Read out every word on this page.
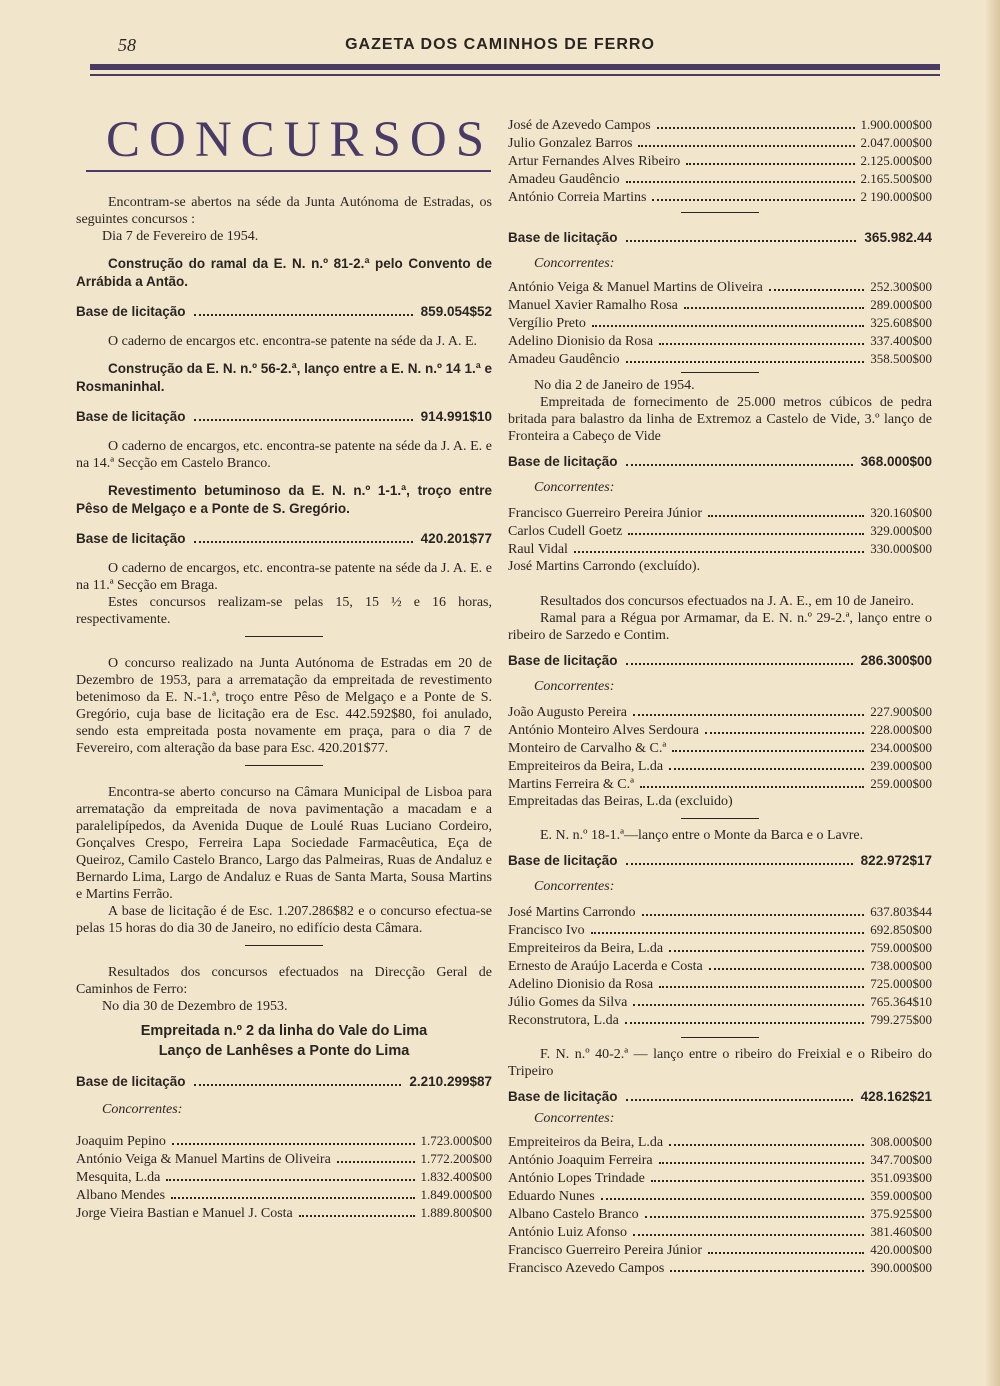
58	GAZETA DOS CAMINHOS DE FERRO
CONCURSOS

Encontram-se abertos na séde da Junta Autónoma de Estradas, os seguintes concursos :

Dia 7 de Fevereiro de 1954.

Construção do ramal da E. N. n.º 81-2.ª pelo Convento de Arrábida a Antão.

Base de licitação	859.054$52

O caderno de encargos etc. encontra-se patente na séde da J. A. E.

Construção da E. N. n.º 56-2.ª, lanço entre a E. N. n.º 14 1.ª e Rosmaninhal.

Base de licitação	914.991$10

O caderno de encargos, etc. encontra-se patente na séde da J. A. E. e na 14.ª Secção em Castelo Branco.

Revestimento betuminoso da E. N. n.º 1-1.ª, troço entre Pêso de Melgaço e a Ponte de S. Gregório.

Base de licitação	420.201$77

O caderno de encargos, etc. encontra-se patente na séde da J. A. E. e na 11.ª Secção em Braga.

Estes concursos realizam-se pelas 15, 15 ½ e 16 horas, respectivamente.

O concurso realizado na Junta Autónoma de Estradas em 20 de Dezembro de 1953, para a arrematação da empreitada de revestimento betenimoso da E. N.-1.ª, troço entre Pêso de Melgaço e a Ponte de S. Gregório, cuja base de licitação era de Esc. 442.592$80, foi anulado, sendo esta empreitada posta novamente em praça, para o dia 7 de Fevereiro, com alteração da base para Esc. 420.201$77.

Encontra-se aberto concurso na Câmara Municipal de Lisboa para arrematação da empreitada de nova pavimentação a macadam e a paralelipípedos, da Avenida Duque de Loulé Ruas Luciano Cordeiro, Gonçalves Crespo, Ferreira Lapa Sociedade Farmacêutica, Eça de Queiroz, Camilo Castelo Branco, Largo das Palmeiras, Ruas de Andaluz e Bernardo Lima, Largo de Andaluz e Ruas de Santa Marta, Sousa Martins e Martins Ferrão.

A base de licitação é de Esc. 1.207.286$82 e o concurso efectua-se pelas 15 horas do dia 30 de Janeiro, no edifício desta Câmara.

Resultados dos concursos efectuados na Direcção Geral de Caminhos de Ferro:

No dia 30 de Dezembro de 1953.

Empreitada n.º 2 da linha do Vale do Lima

Lanço de Lanhêses a Ponte do Lima

Base de licitação	2.210.299$87

Concorrentes:

Joaquim Pepino	1.723.000$00
António Veiga & Manuel Martins de Oliveira	1.772.200$00
Mesquita, L.da	1.832.400$00
Albano Mendes	1.849.000$00
Jorge Vieira Bastian e Manuel J. Costa	1.889.800$00
José de Azevedo Campos	1.900.000$00
Julio Gonzalez Barros	2.047.000$00
Artur Fernandes Alves Ribeiro	2.125.000$00
Amadeu Gaudêncio	2.165.500$00
António Correia Martins	2 190.000$00
Base de licitação	365.982.44

Concorrentes:

António Veiga & Manuel Martins de Oliveira	252.300$00
Manuel Xavier Ramalho Rosa	289.000$00
Vergílio Preto	325.608$00
Adelino Dionisio da Rosa	337.400$00
Amadeu Gaudêncio	358.500$00

No dia 2 de Janeiro de 1954.

Empreitada de fornecimento de 25.000 metros cúbicos de pedra britada para balastro da linha de Extremoz a Castelo de Vide, 3.º lanço de Fronteira a Cabeço de Vide

Base de licitação	368.000$00

Concorrentes:

Francisco Guerreiro Pereira Júnior	320.160$00
Carlos Cudell Goetz	329.000$00
Raul Vidal	330.000$00

José Martins Carrondo (excluído).

Resultados dos concursos efectuados na J. A. E., em 10 de Janeiro.

Ramal para a Régua por Armamar, da E. N. n.º 29-2.ª, lanço entre o ribeiro de Sarzedo e Contim.

Base de licitação	286.300$00

Concorrentes:

João Augusto Pereira	227.900$00
António Monteiro Alves Serdoura	228.000$00
Monteiro de Carvalho & C.ª	234.000$00
Empreiteiros da Beira, L.da	239.000$00
Martins Ferreira & C.ª	259.000$00

Empreitadas das Beiras, L.da (excluido)

E. N. n.º 18-1.ª—lanço entre o Monte da Barca e o Lavre.

Base de licitação	822.972$17

Concorrentes:

José Martins Carrondo	637.803$44
Francisco Ivo	692.850$00
Empreiteiros da Beira, L.da	759.000$00
Ernesto de Araújo Lacerda e Costa	738.000$00
Adelino Dionisio da Rosa	725.000$00
Júlio Gomes da Silva	765.364$10
Reconstrutora, L.da	799.275$00

F. N. n.º 40-2.ª — lanço entre o ribeiro do Freixial e o Ribeiro do Tripeiro

Base de licitação	428.162$21

Concorrentes:

Empreiteiros da Beira, L.da	308.000$00
António Joaquim Ferreira	347.700$00
António Lopes Trindade	351.093$00
Eduardo Nunes	359.000$00
Albano Castelo Branco	375.925$00
António Luiz Afonso	381.460$00
Francisco Guerreiro Pereira Júnior	420.000$00
Francisco Azevedo Campos	390.000$00
